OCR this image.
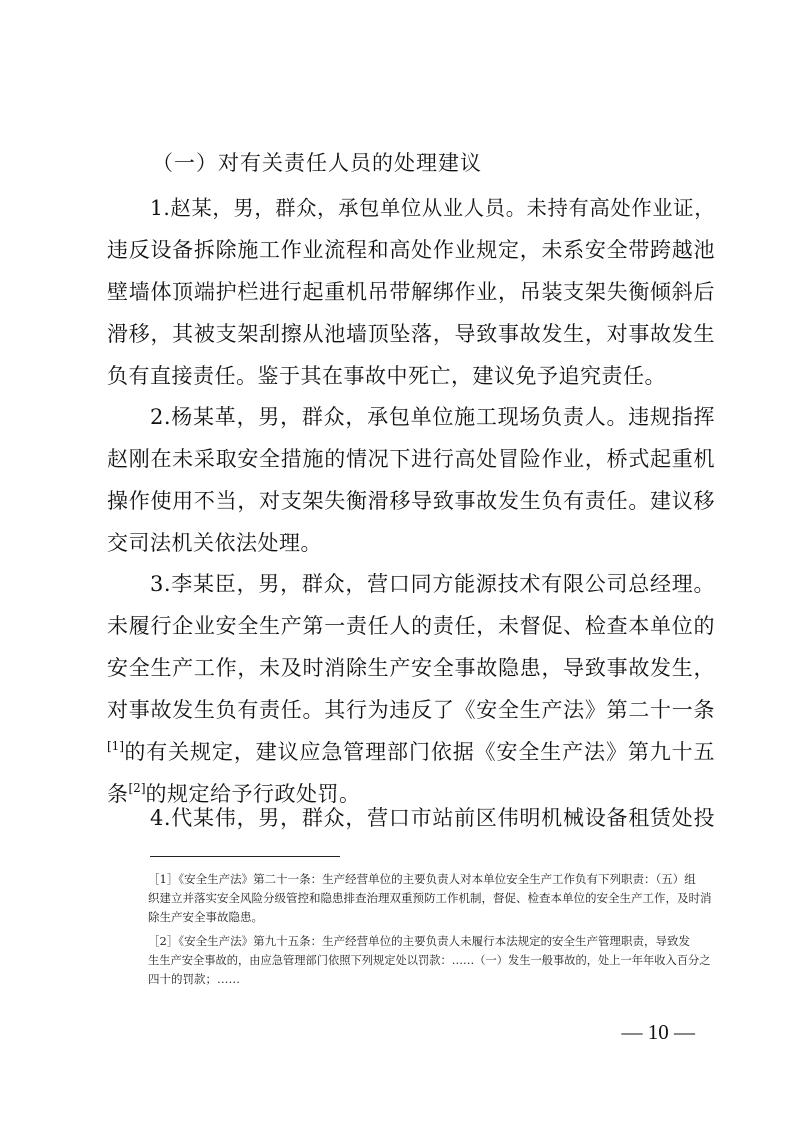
（一）对有关责任人员的处理建议
1.赵某，男，群众，承包单位从业人员。未持有高处作业证，
违反设备拆除施工作业流程和高处作业规定，未系安全带跨越池
壁墙体顶端护栏进行起重机吊带解绑作业，吊装支架失衡倾斜后
滑移，其被支架刮擦从池墙顶坠落，导致事故发生，对事故发生
负有直接责任。鉴于其在事故中死亡，建议免予追究责任。
2.杨某革，男，群众，承包单位施工现场负责人。违规指挥
赵刚在未采取安全措施的情况下进行高处冒险作业，桥式起重机
操作使用不当，对支架失衡滑移导致事故发生负有责任。建议移
交司法机关依法处理。
3.李某臣，男，群众，营口同方能源技术有限公司总经理。
未履行企业安全生产第一责任人的责任，未督促、检查本单位的
安全生产工作，未及时消除生产安全事故隐患，导致事故发生，
对事故发生负有责任。其行为违反了《安全生产法》第二十一条
[1]的有关规定，建议应急管理部门依据《安全生产法》第九十五
条[2]的规定给予行政处罚。
4.代某伟，男，群众，营口市站前区伟明机械设备租赁处投
［1］《安全生产法》第二十一条：生产经营单位的主要负责人对本单位安全生产工作负有下列职责：（五）组
织建立并落实安全风险分级管控和隐患排查治理双重预防工作机制，督促、检查本单位的安全生产工作，及时消
除生产安全事故隐患。
［2］《安全生产法》第九十五条：生产经营单位的主要负责人未履行本法规定的安全生产管理职责，导致发
生生产安全事故的，由应急管理部门依照下列规定处以罚款：……（一）发生一般事故的，处上一年年收入百分之
四十的罚款；……
— 10 —
